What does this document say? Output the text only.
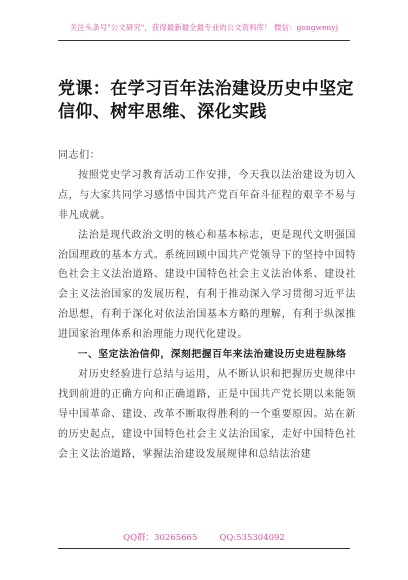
关注头条号"公文研究"，获得最新最全最专业的公文资料库！ 微信：gongwenyj
党课：在学习百年法治建设历史中坚定信仰、树牢思维、深化实践

同志们：

按照党史学习教育活动工作安排，今天我以法治建设为切入点，与大家共同学习感悟中国共产党百年奋斗征程的艰辛不易与非凡成就。

法治是现代政治文明的核心和基本标志，更是现代文明强国治国理政的基本方式。系统回顾中国共产党领导下的坚持中国特色社会主义法治道路、建设中国特色社会主义法治体系、建设社会主义法治国家的发展历程，有利于推动深入学习贯彻习近平法治思想，有利于深化对依法治国基本方略的理解，有利于纵深推进国家治理体系和治理能力现代化建设。

一、坚定法治信仰，深刻把握百年来法治建设历史进程脉络

对历史经验进行总结与运用，从不断认识和把握历史规律中找到前进的正确方向和正确道路，正是中国共产党长期以来能领导中国革命、建设、改革不断取得胜利的一个重要原因。站在新的历史起点，建设中国特色社会主义法治国家，走好中国特色社会主义法治道路，掌握法治建设发展规律和总结法治建

QQ群：30265665	QQ:535304092
